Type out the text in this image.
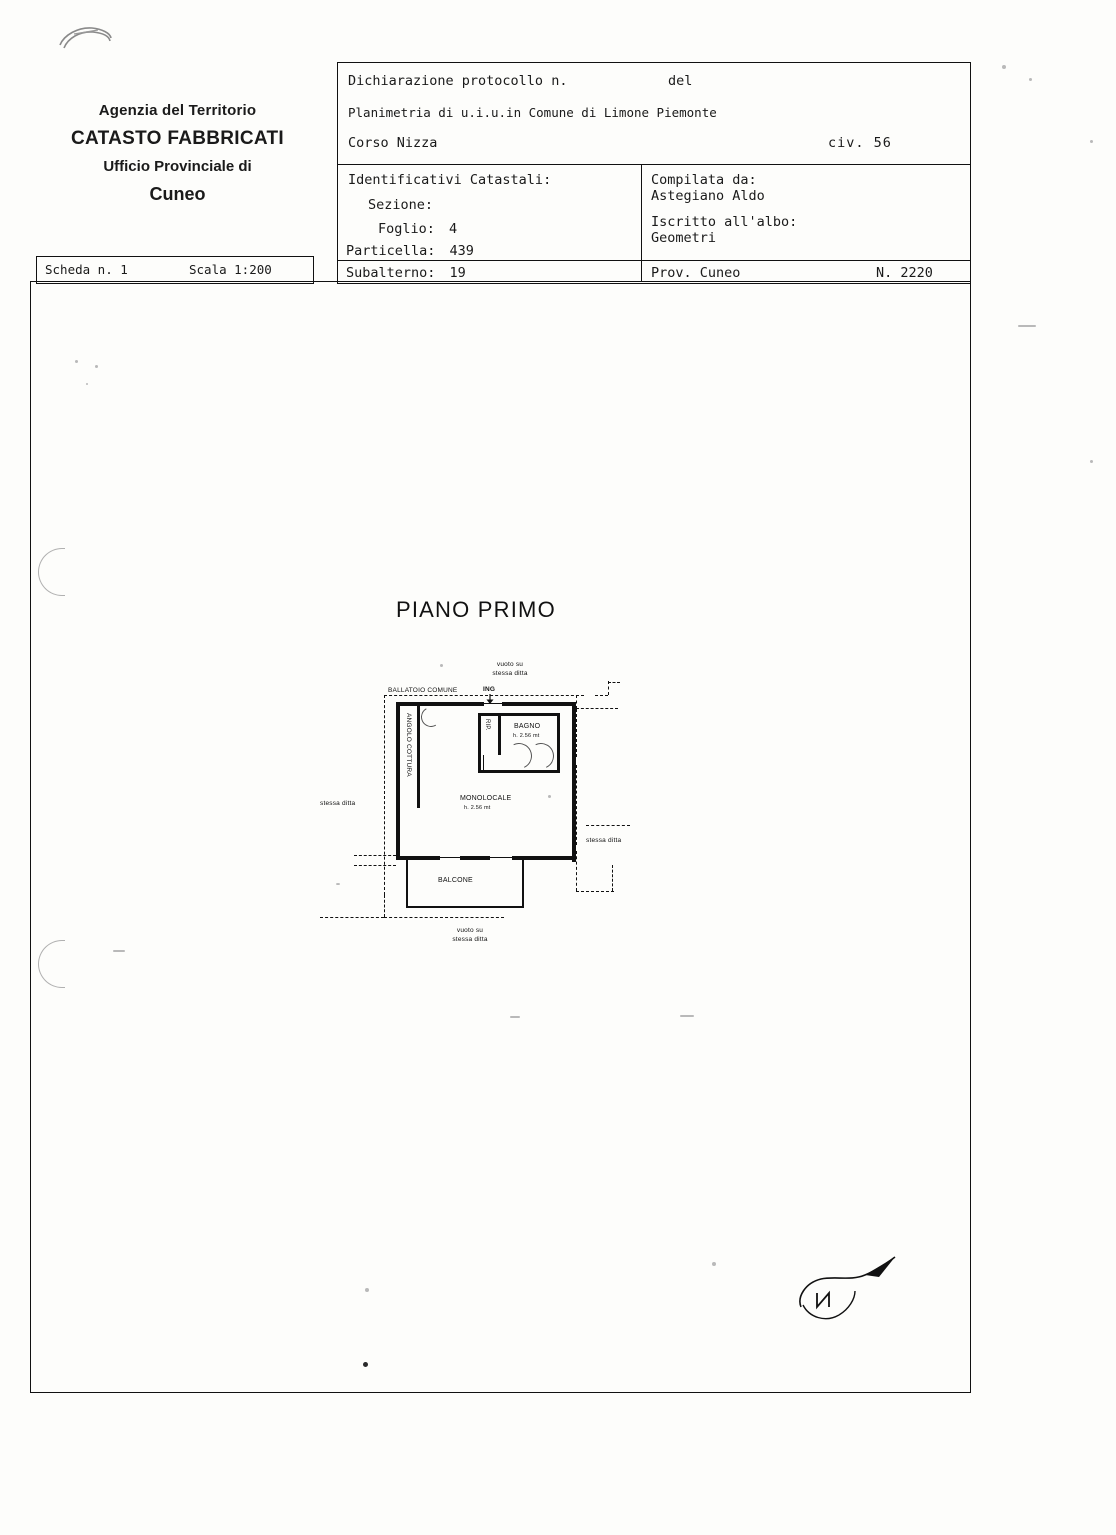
Agenzia del Territorio
CATASTO FABBRICATI
Ufficio Provinciale di
Cuneo
Scheda n. 1	Scala 1:200
Dichiarazione protocollo n.	del
Planimetria di u.i.u.in Comune di Limone Piemonte
Corso Nizza	civ. 56
Identificativi Catastali:
Sezione:
Foglio: 4
Particella: 439
Subalterno: 19
Compilata da:
Astegiano Aldo
Iscritto all'albo:
Geometri
Prov. Cuneo	N. 2220
PIANO PRIMO
vuoto su
stessa ditta
BALLATOIO COMUNE	ING
ANGOLO COTTURA	RIP.	BAGNO
h. 2.56 mt
MONOLOCALE
h. 2.56 mt
BALCONE
stessa ditta
stessa ditta
vuoto su
stessa ditta
